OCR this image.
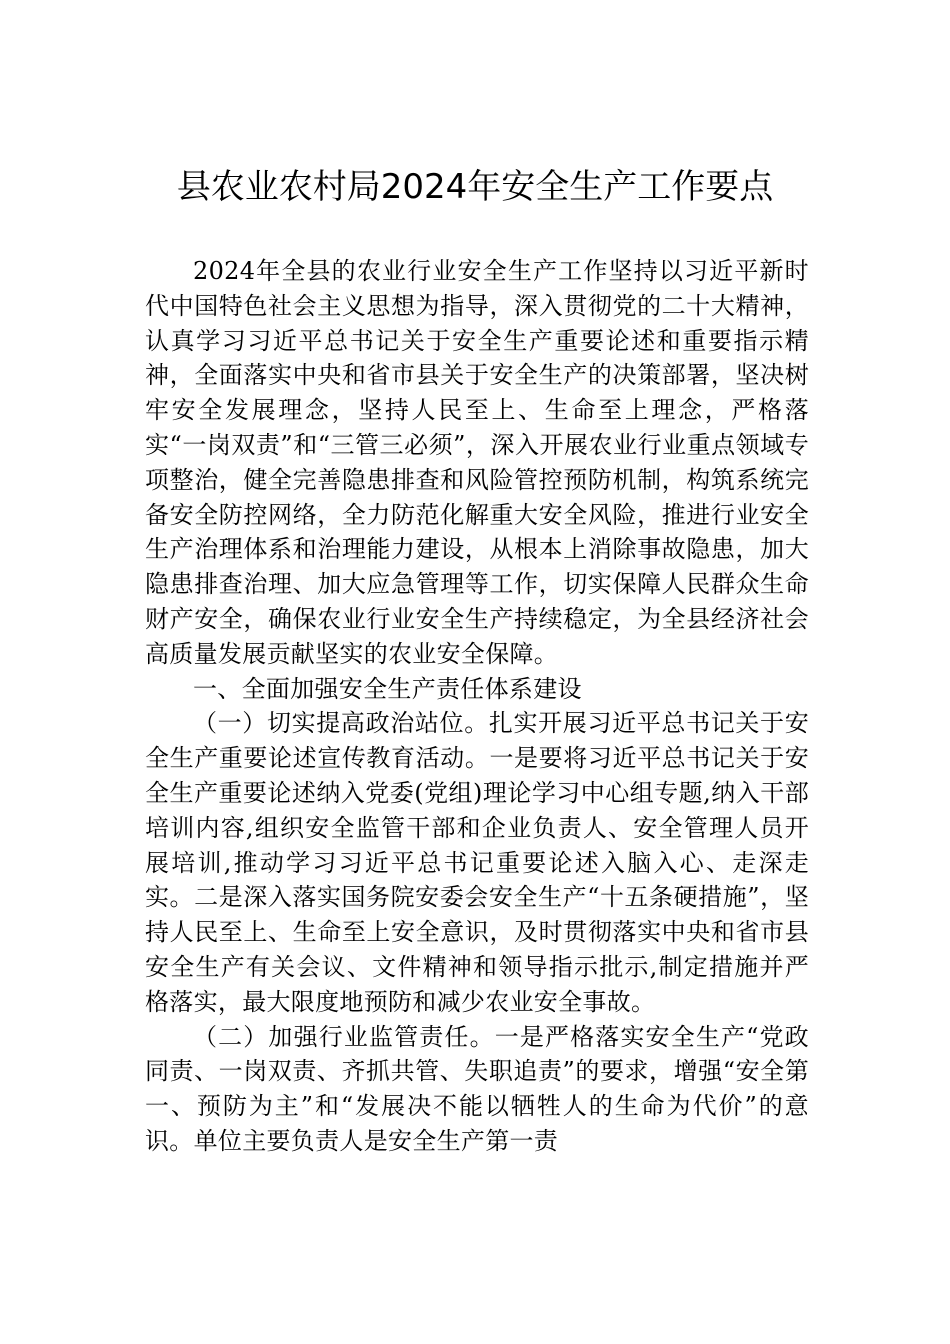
县农业农村局2024年安全生产工作要点

2024年全县的农业行业安全生产工作坚持以习近平新时代中国特色社会主义思想为指导，深入贯彻党的二十大精神，认真学习习近平总书记关于安全生产重要论述和重要指示精神，全面落实中央和省市县关于安全生产的决策部署，坚决树牢安全发展理念，坚持人民至上、生命至上理念，严格落实“一岗双责”和“三管三必须”，深入开展农业行业重点领域专项整治，健全完善隐患排查和风险管控预防机制，构筑系统完备安全防控网络，全力防范化解重大安全风险，推进行业安全生产治理体系和治理能力建设，从根本上消除事故隐患，加大隐患排查治理、加大应急管理等工作，切实保障人民群众生命财产安全，确保农业行业安全生产持续稳定，为全县经济社会高质量发展贡献坚实的农业安全保障。

一、全面加强安全生产责任体系建设

（一）切实提高政治站位。扎实开展习近平总书记关于安全生产重要论述宣传教育活动。一是要将习近平总书记关于安全生产重要论述纳入党委(党组)理论学习中心组专题,纳入干部培训内容,组织安全监管干部和企业负责人、安全管理人员开展培训,推动学习习近平总书记重要论述入脑入心、走深走实。二是深入落实国务院安委会安全生产“十五条硬措施”，坚持人民至上、生命至上安全意识，及时贯彻落实中央和省市县安全生产有关会议、文件精神和领导指示批示,制定措施并严格落实，最大限度地预防和减少农业安全事故。

（二）加强行业监管责任。一是严格落实安全生产“党政同责、一岗双责、齐抓共管、失职追责”的要求，增强“安全第一、预防为主”和“发展决不能以牺牲人的生命为代价”的意识。单位主要负责人是安全生产第一责
